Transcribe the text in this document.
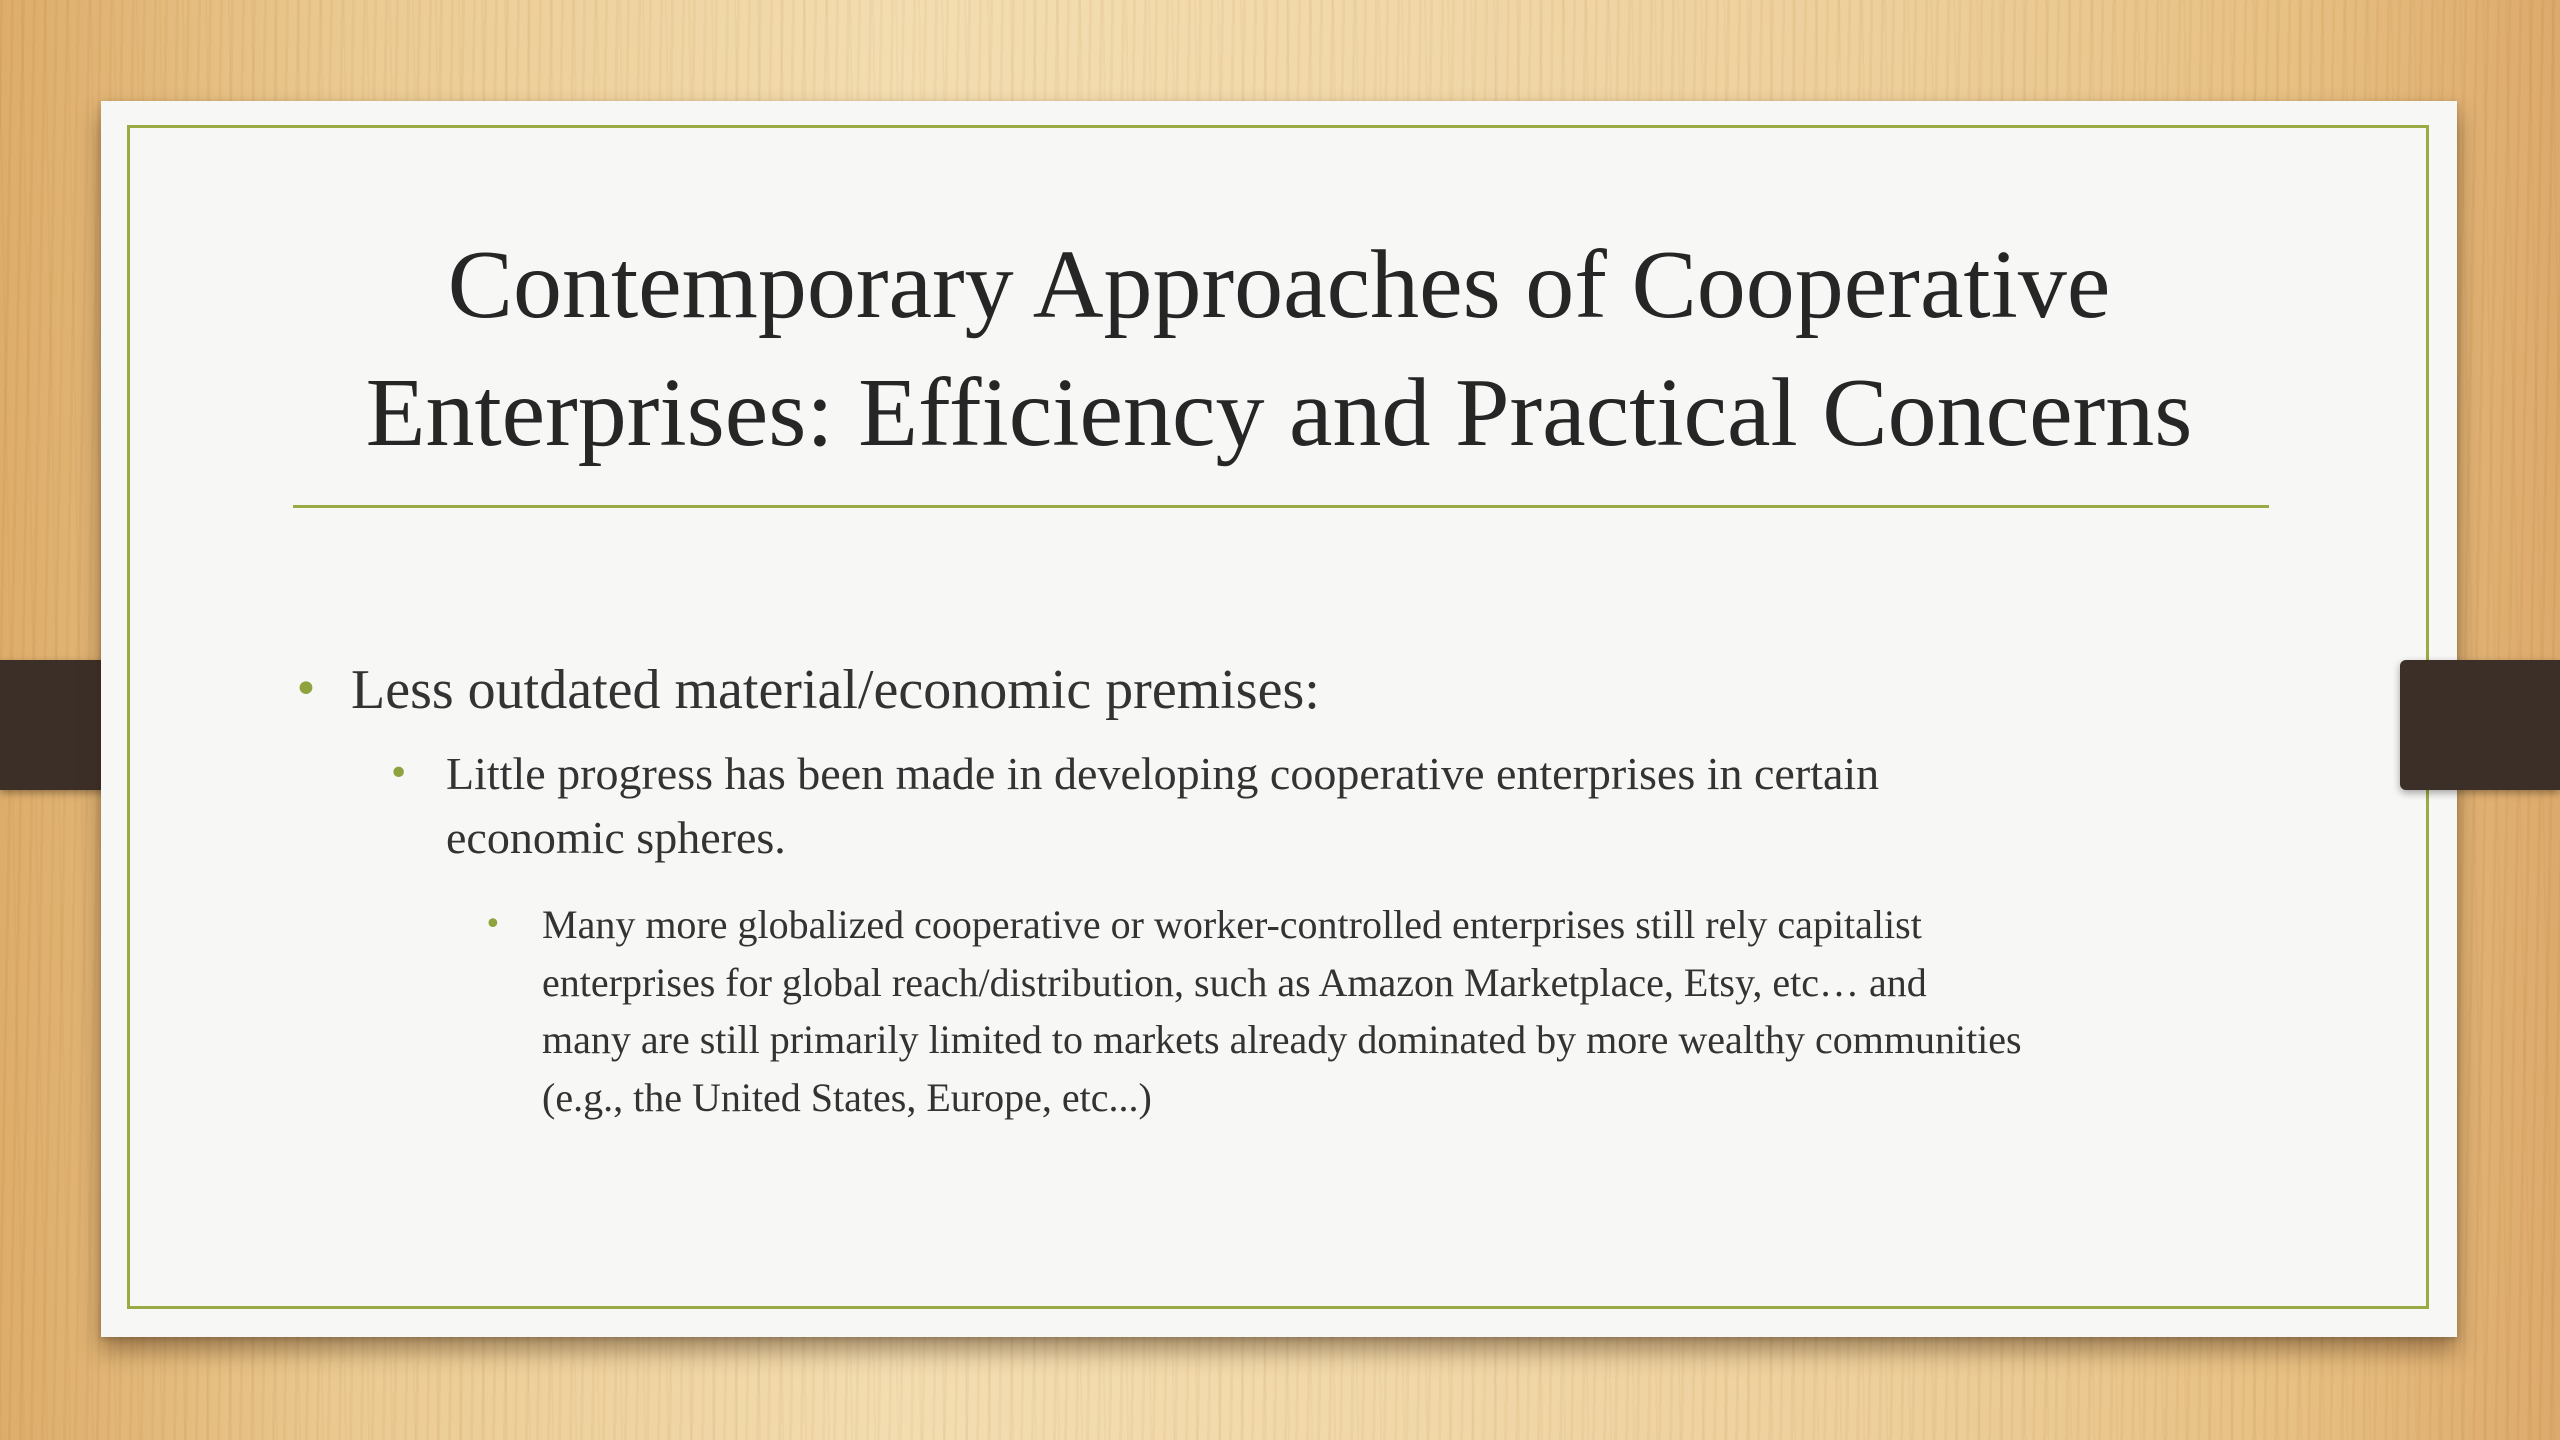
Contemporary Approaches of Cooperative
Enterprises: Efficiency and Practical Concerns
• Less outdated material/economic premises:
• Little progress has been made in developing cooperative enterprises in certain
economic spheres.
• Many more globalized cooperative or worker-controlled enterprises still rely capitalist
enterprises for global reach/distribution, such as Amazon Marketplace, Etsy, etc… and
many are still primarily limited to markets already dominated by more wealthy communities
(e.g., the United States, Europe, etc...)
